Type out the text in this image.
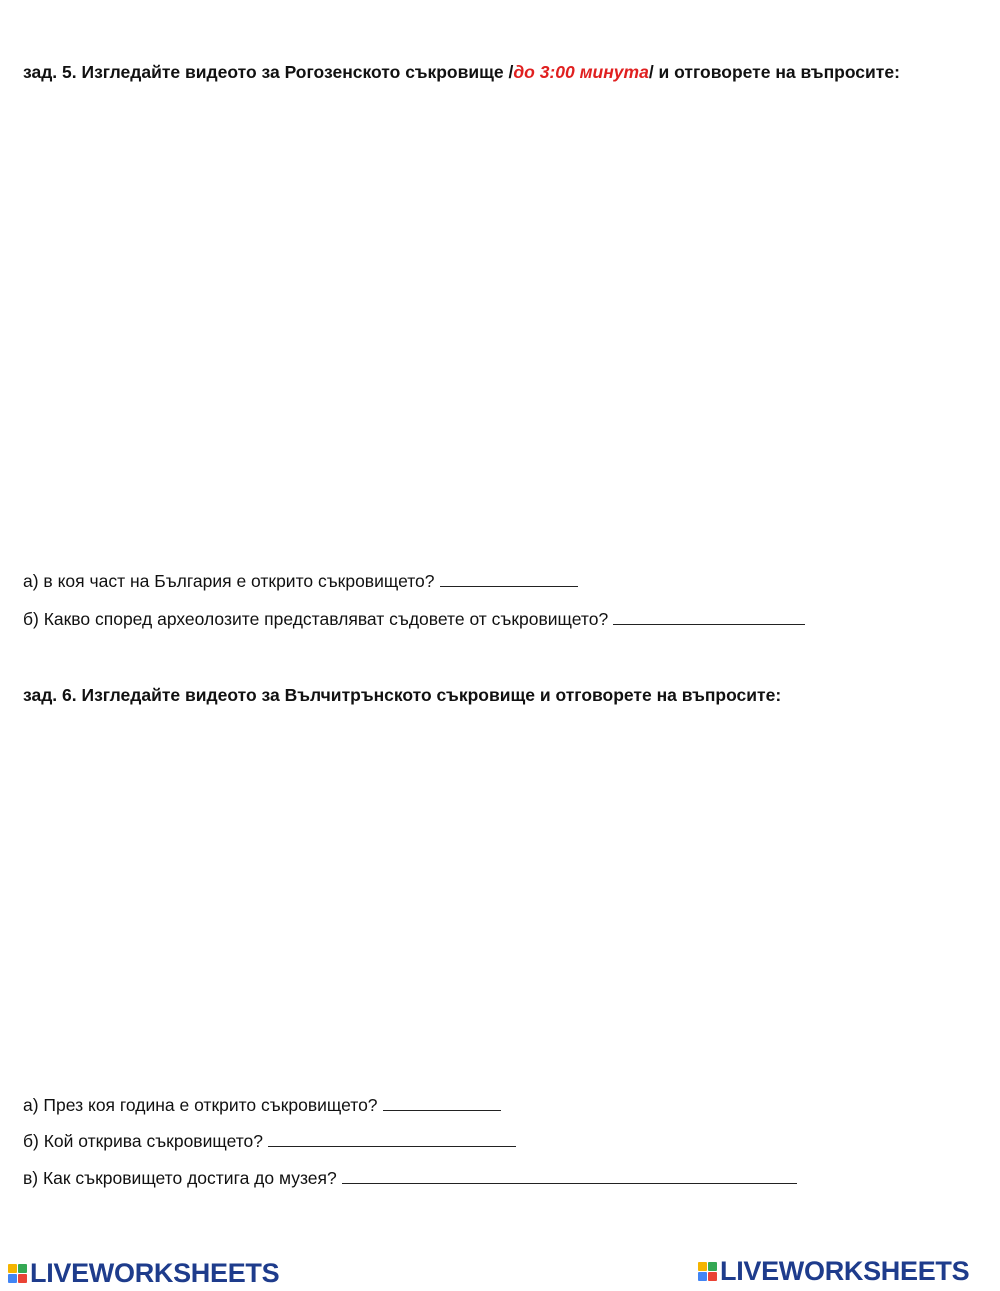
зад. 5. Изгледайте видеото за Рогозенското съкровище /до 3:00 минута/ и отговорете на въпросите:
а) в коя част на България е открито съкровището?
б) Какво според археолозите представляват съдовете от съкровището?
зад. 6. Изгледайте видеото за Вълчитрънското съкровище и отговорете на въпросите:
а) През коя година е открито съкровището?
б) Кой открива съкровището?
в) Как съкровището достига до музея?
LIVEWORKSHEETS	LIVEWORKSHEETS
